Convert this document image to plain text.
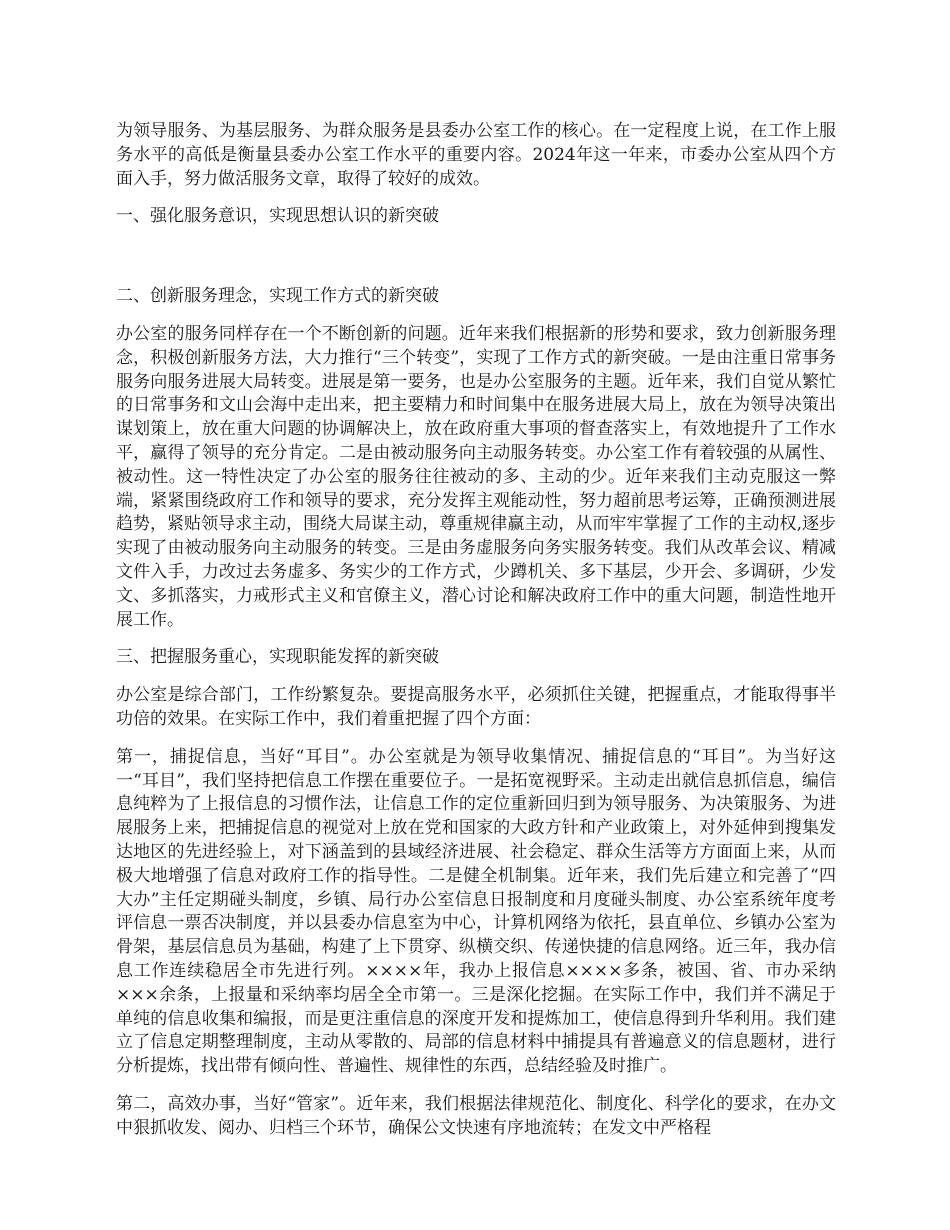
为领导服务、为基层服务、为群众服务是县委办公室工作的核心。在一定程度上说，在工作上服务水平的高低是衡量县委办公室工作水平的重要内容。2024年这一年来，市委办公室从四个方面入手，努力做活服务文章，取得了较好的成效。

一、强化服务意识，实现思想认识的新突破

二、创新服务理念，实现工作方式的新突破

办公室的服务同样存在一个不断创新的问题。近年来我们根据新的形势和要求，致力创新服务理念，积极创新服务方法，大力推行“三个转变”，实现了工作方式的新突破。一是由注重日常事务服务向服务进展大局转变。进展是第一要务，也是办公室服务的主题。近年来，我们自觉从繁忙的日常事务和文山会海中走出来，把主要精力和时间集中在服务进展大局上，放在为领导决策出谋划策上，放在重大问题的协调解决上，放在政府重大事项的督查落实上，有效地提升了工作水平，赢得了领导的充分肯定。二是由被动服务向主动服务转变。办公室工作有着较强的从属性、被动性。这一特性决定了办公室的服务往往被动的多、主动的少。近年来我们主动克服这一弊端，紧紧围绕政府工作和领导的要求，充分发挥主观能动性，努力超前思考运筹，正确预测进展趋势，紧贴领导求主动，围绕大局谋主动，尊重规律赢主动，从而牢牢掌握了工作的主动权,逐步实现了由被动服务向主动服务的转变。三是由务虚服务向务实服务转变。我们从改革会议、精减文件入手，力改过去务虚多、务实少的工作方式，少蹲机关、多下基层，少开会、多调研，少发文、多抓落实，力戒形式主义和官僚主义，潜心讨论和解决政府工作中的重大问题，制造性地开展工作。

三、把握服务重心，实现职能发挥的新突破

办公室是综合部门，工作纷繁复杂。要提高服务水平，必须抓住关键，把握重点，才能取得事半功倍的效果。在实际工作中，我们着重把握了四个方面：

第一，捕捉信息，当好“耳目”。办公室就是为领导收集情况、捕捉信息的“耳目”。为当好这一“耳目”，我们坚持把信息工作摆在重要位子。一是拓宽视野采。主动走出就信息抓信息，编信息纯粹为了上报信息的习惯作法，让信息工作的定位重新回归到为领导服务、为决策服务、为进展服务上来，把捕捉信息的视觉对上放在党和国家的大政方针和产业政策上，对外延伸到搜集发达地区的先进经验上，对下涵盖到的县域经济进展、社会稳定、群众生活等方方面面上来，从而极大地增强了信息对政府工作的指导性。二是健全机制集。近年来，我们先后建立和完善了“四大办”主任定期碰头制度，乡镇、局行办公室信息日报制度和月度碰头制度、办公室系统年度考评信息一票否决制度，并以县委办信息室为中心，计算机网络为依托，县直单位、乡镇办公室为骨架，基层信息员为基础，构建了上下贯穿、纵横交织、传递快捷的信息网络。近三年，我办信息工作连续稳居全市先进行列。××××年，我办上报信息××××多条，被国、省、市办采纳×××余条，上报量和采纳率均居全全市第一。三是深化挖掘。在实际工作中，我们并不满足于单纯的信息收集和编报，而是更注重信息的深度开发和提炼加工，使信息得到升华利用。我们建立了信息定期整理制度，主动从零散的、局部的信息材料中捕提具有普遍意义的信息题材，进行分析提炼，找出带有倾向性、普遍性、规律性的东西，总结经验及时推广。

第二，高效办事，当好“管家”。近年来，我们根据法律规范化、制度化、科学化的要求，在办文中狠抓收发、阅办、归档三个环节，确保公文快速有序地流转；在发文中严格程
